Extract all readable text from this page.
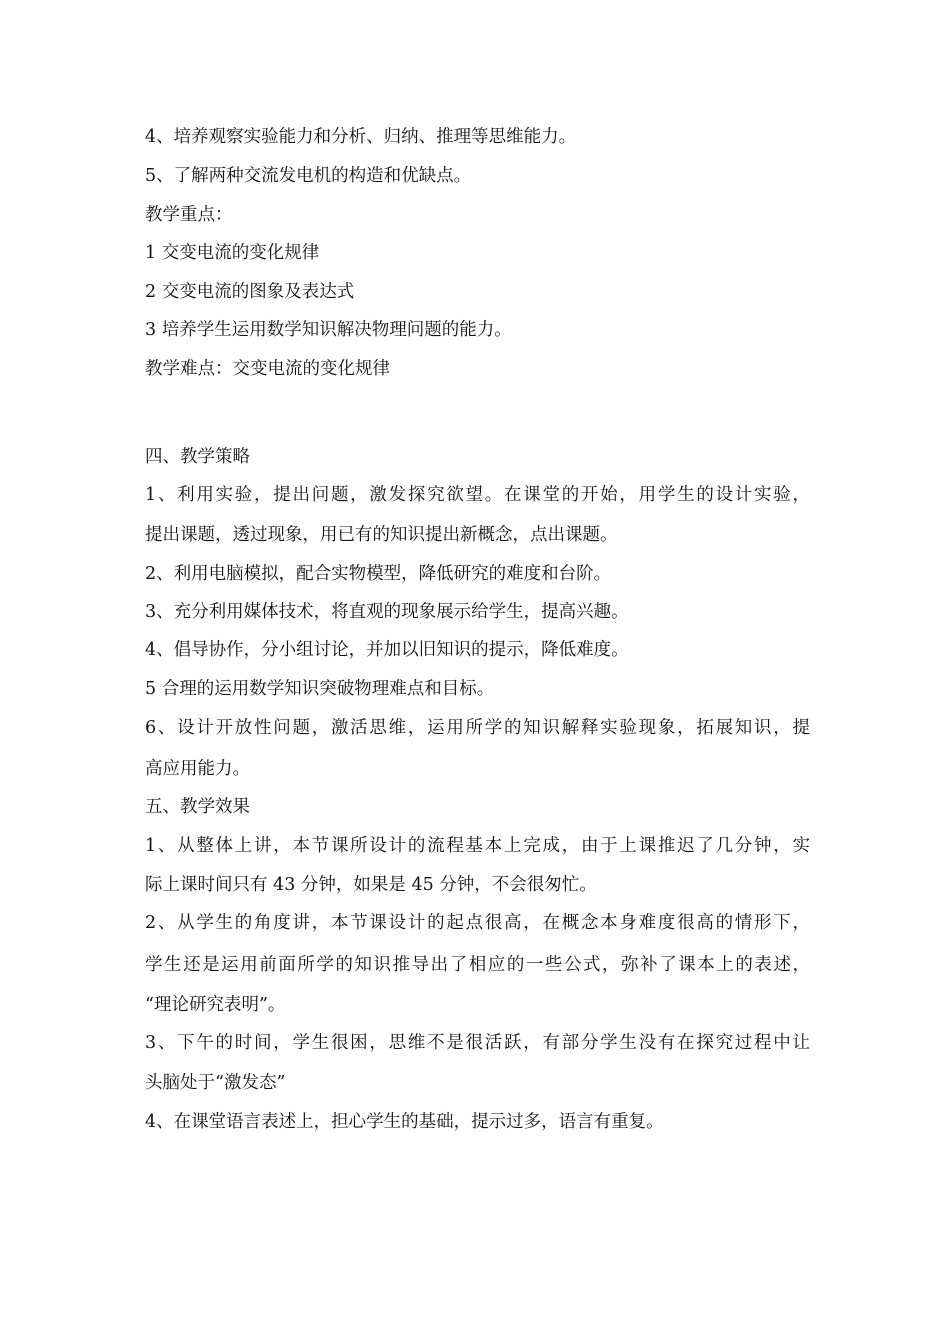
4、培养观察实验能力和分析、归纳、推理等思维能力。
5、了解两种交流发电机的构造和优缺点。
教学重点：
1 交变电流的变化规律
2 交变电流的图象及表达式
3 培养学生运用数学知识解决物理问题的能力。
教学难点：交变电流的变化规律
四、教学策略
1、利用实验，提出问题，激发探究欲望。在课堂的开始，用学生的设计实验，
提出课题，透过现象，用已有的知识提出新概念，点出课题。
2、利用电脑模拟，配合实物模型，降低研究的难度和台阶。
3、充分利用媒体技术，将直观的现象展示给学生，提高兴趣。
4、倡导协作，分小组讨论，并加以旧知识的提示，降低难度。
5 合理的运用数学知识突破物理难点和目标。
6、设计开放性问题，激活思维，运用所学的知识解释实验现象，拓展知识，提
高应用能力。
五、教学效果
1、从整体上讲，本节课所设计的流程基本上完成，由于上课推迟了几分钟，实
际上课时间只有 43 分钟，如果是 45 分钟，不会很匆忙。
2、从学生的角度讲，本节课设计的起点很高，在概念本身难度很高的情形下，
学生还是运用前面所学的知识推导出了相应的一些公式，弥补了课本上的表述，
“理论研究表明”。
3、下午的时间，学生很困，思维不是很活跃，有部分学生没有在探究过程中让
头脑处于“激发态”
4、在课堂语言表述上，担心学生的基础，提示过多，语言有重复。
